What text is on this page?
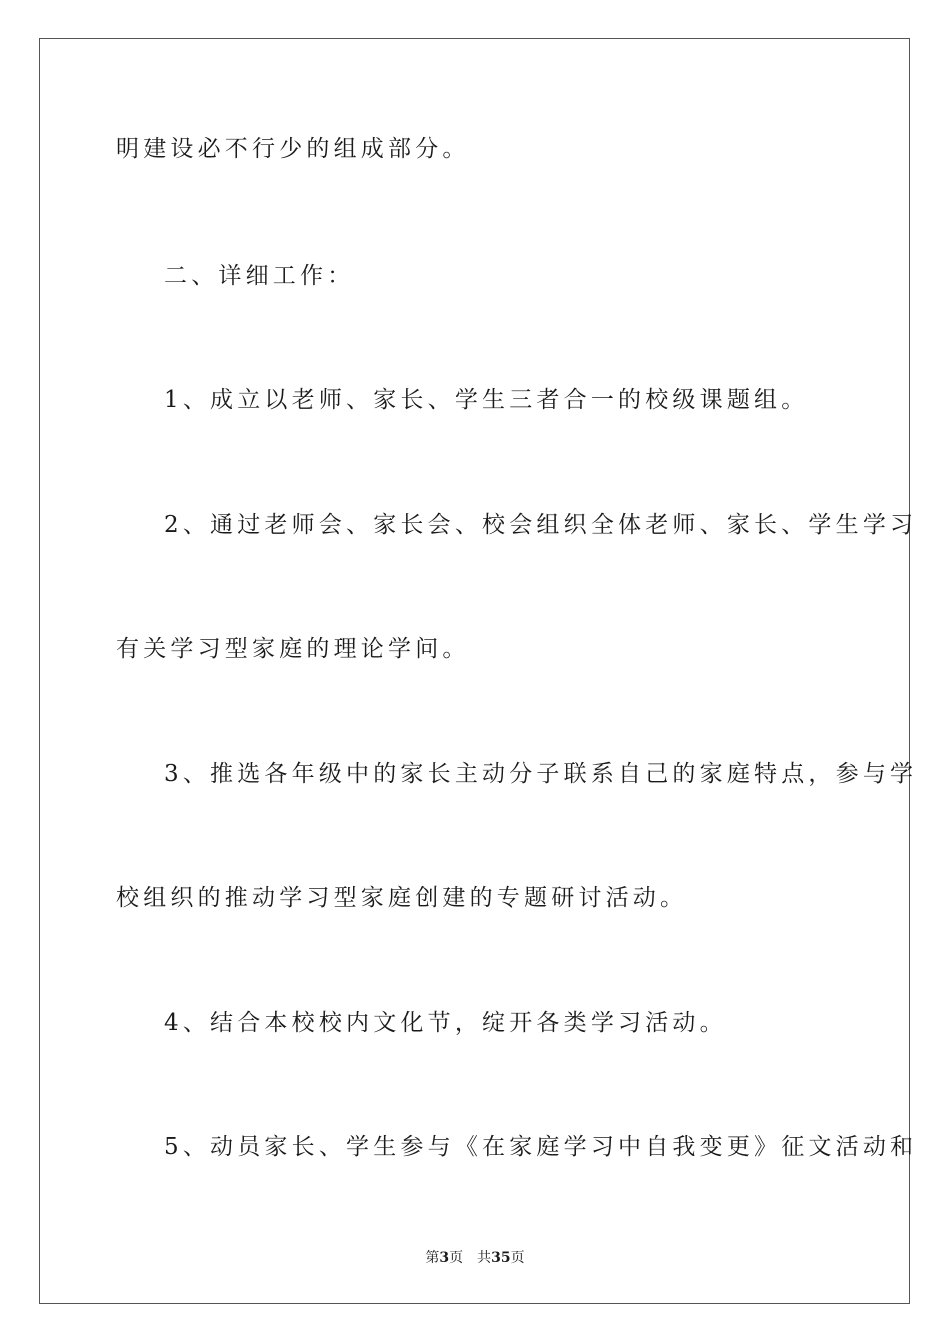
明建设必不行少的组成部分。
二、详细工作：
1、成立以老师、家长、学生三者合一的校级课题组。
2、通过老师会、家长会、校会组织全体老师、家长、学生学习
有关学习型家庭的理论学问。
3、推选各年级中的家长主动分子联系自己的家庭特点，参与学
校组织的推动学习型家庭创建的专题研讨活动。
4、结合本校校内文化节，绽开各类学习活动。
5、动员家长、学生参与《在家庭学习中自我变更》征文活动和
第3页 共35页
